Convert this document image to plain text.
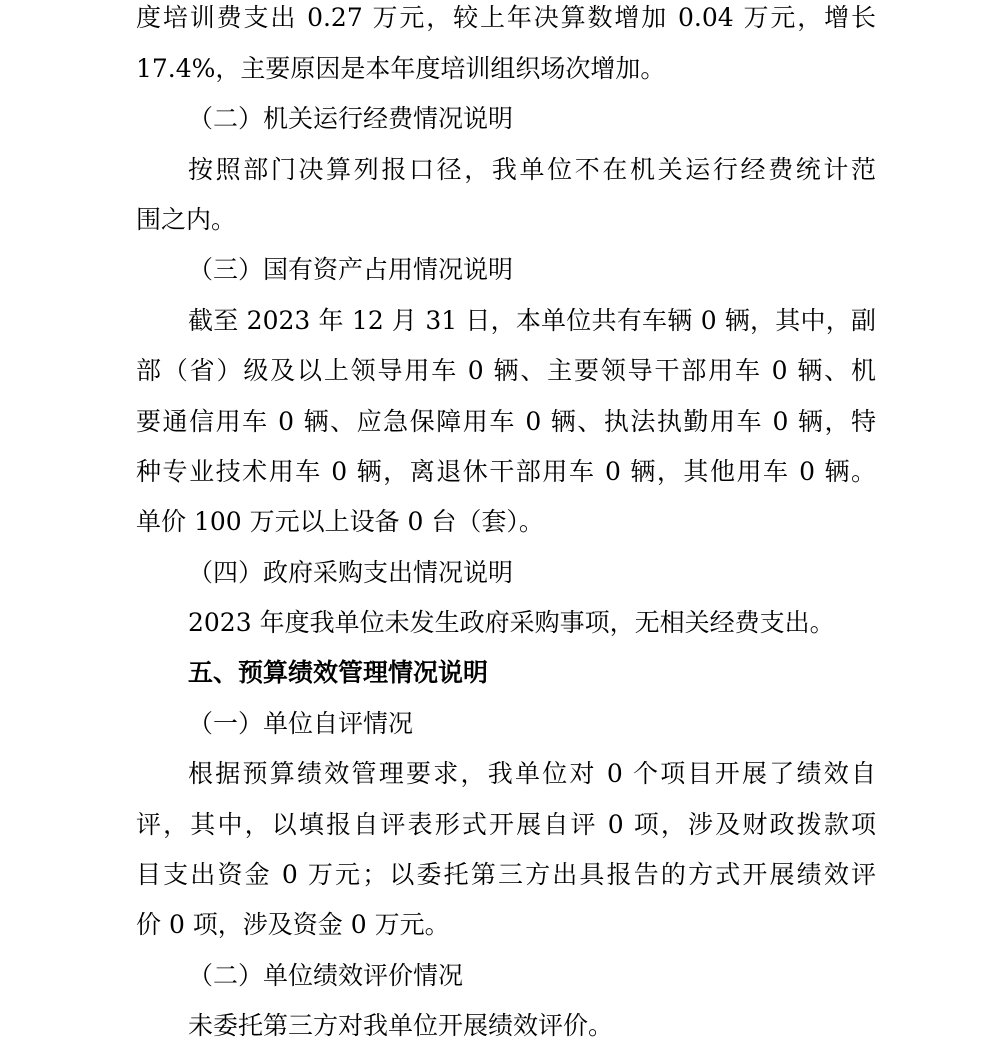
度培训费支出 0.27 万元，较上年决算数增加 0.04 万元，增长
17.4%，主要原因是本年度培训组织场次增加。
（二）机关运行经费情况说明
按照部门决算列报口径，我单位不在机关运行经费统计范
围之内。
（三）国有资产占用情况说明
截至 2023 年 12 月 31 日，本单位共有车辆 0 辆，其中，副
部（省）级及以上领导用车 0 辆、主要领导干部用车 0 辆、机
要通信用车 0 辆、应急保障用车 0 辆、执法执勤用车 0 辆，特
种专业技术用车 0 辆，离退休干部用车 0 辆，其他用车 0 辆。
单价 100 万元以上设备 0 台（套）。
（四）政府采购支出情况说明
2023 年度我单位未发生政府采购事项，无相关经费支出。
五、预算绩效管理情况说明
（一）单位自评情况
根据预算绩效管理要求，我单位对 0 个项目开展了绩效自
评，其中，以填报自评表形式开展自评 0 项，涉及财政拨款项
目支出资金 0 万元；以委托第三方出具报告的方式开展绩效评
价 0 项，涉及资金 0 万元。
（二）单位绩效评价情况
未委托第三方对我单位开展绩效评价。
